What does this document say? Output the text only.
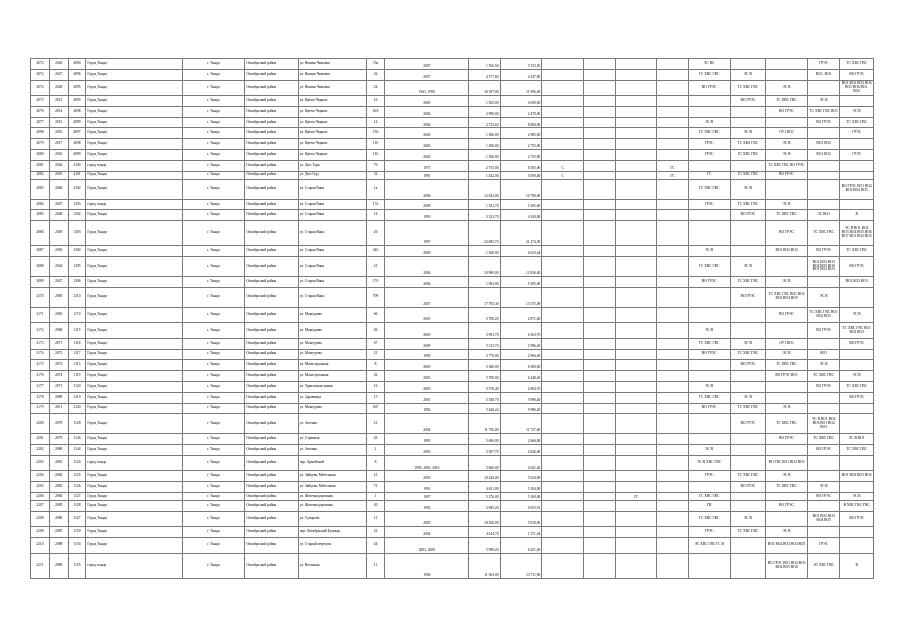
2072	2026	4094	Город Тында	г. Тында	Октябрьский район	ул. Яшина-Чиновая	15а	2007	1 556,50	3 723,50					ЭС ВС			ГРЭС	ТС ХВС ГВС
2072	2027	4096	Город Тында	г. Тында	Октябрьский район	ул. Яшина-Чиновая	22	2007	4 577,60	4 447,00					ГС ХВС ГВС	ЭС В		ВО1, ВО2	ВО ГРЭС
2074	2028	4095	Город Тында	г. Тында	Октябрьский район	ул. Яшина-Чиновая	24	1961, 1990	16 397,00	11 996,40					ВО ГРЭС	ТС ХВС ГВС	ЭС В		ВО1 ВО2 ВО3 ВО4 ВО5 ВО6 ВО1, ВО2
2075	2013	4095	Город Тында	г. Тында	Октябрьский район	ул. Цветы Черные	16	2005	1 505,00	4 050,00						ВО ГРЭС	ТС ХВС ГВС	ЭС В	
2076	2014	4096	Город Тында	г. Тында	Октябрьский район	ул. Цветы Черные	16А	2004	2 990,00	2 470,00							ВО ГРЭС	ТС ХВС ГВС ВО1	ЭС В
2077	2015	4099	Город Тында	г. Тында	Октябрьский район	ул. Цветы Черные	14	2004	2 723,60	8 084,00					ЭС В			ВО ГРЭС	ТС ХВС ГВС
2098	2016	4097	Город Тында	г. Тында	Октябрьский район	ул. Цветы Черные	15б	2040	1 306,00	2 985,00					ГС ХВС ГВС	ЭС В	ОУ1 ВО1		ГРЭС
2079	2017	4098	Город Тында	г. Тында	Октябрьский район	ул. Цветы Черные	11б	2040	1 306,00	2 755,00					ГРЭС	ТС ХВА ГВС	ЭС В	ВО1 ВО2	
2080	2043	4099	Город Тында	г. Тында	Октябрьский район	ул. Цветы Черные	11б	2040	1 306,00	2 755,00					ГРЭС	ГС ХВС ГВС	ЭС В	ВО1 ВО2	ГРЭС
2081	2044	4100	город тында	г. Тында	Октябрьский район	ул. Дюз Тура	76	1975	2 755,00	6 505,00	С			ГС			ТС ХВС ГВС ВО ГРЭС		
2082	2045	4101	Город Тында	г. Тында	Октябрьский район	ул. Дюз Одд	32	1991	1 442,00	5 000,40	С			ГС	ГС	ГС ХВС ГВС	ВО ГРЭС		
2083	2046	4102	Город Тында	г. Тында	Октябрьский район	ул. Старая Ваня	1а	2006	12 632,00	10 790,00					ГС ХВС ГВС	ЭС В			ВО ГРЭС ВО1 ВО2 ВО3 ВО4 ВО5
2084	2047	1303	город тында	г. Тында	Октябрьский район	ул. Старая Ваня	17к	2008	1 352,70	1 605,60					ГРЭС	ТС ХВС ГВС	ЭС В		
2085	2048	1302	Город Тында	г. Тында	Октябрьский район	ул. Старая Ваня	14	1993	3 323,70	4 420,00						ВО ГРЭС	ТС ХВС ГВС	ЭС ВО1	В
2086	2049	1303	Город Тында	г. Тында	Октябрьский район	ул. Старая Ваня	26	1997	23 695,70	21 274,30							ВО ГРЭС	ТС ХВС ГВС	ЭС В ВО1 ВО2 ВО3 ВО4 ВО5 ВО6 ВО7 ВО1 ВО2 ВО3
2087	2050	1304	Город Тында	г. Тында	Октябрьский район	ул. Старая Ваня	34б	2009	1 568,00	6 023,44					ЭС В		ВО1 ВО2 ВО3	ВО ГРЭС	ТС ХВС ГВС
2088	2044	1305	Город Тында	г. Тында	Октябрьский район	ул. Старая Ваня	21	2004	10 900,00	12 836,40					ГС ХВС ГВС	ЭС В		ВО1 ВО2 ВО3 ВО4 ВО5 ВО6 ВО1 ВО2 ВО3	ВО ГРЭС
2089	2047	1306	Город Тында	г. Тында	Октябрьский район	ул. Старая Ваня	17б	2004	1 563,00	5 305,00					ВО ГРЭС	ТС ХВС ГВС	ЭС В		ВО1 ВО2 ВО3
2170	2085	2110	Город Тында	г. Тында	Октябрьский район	ул. Старая Ваня	709	2007	17 705,40	13 575,09						ВО ГРЭС	ТС ХВС ГВС ВО1 ВО2 ВО3 ВО4 ВО5	ЭС В	
2171	2065	1174	Город Тында	г. Тында	Октябрьский район	ул. Мангурова	66	2001	5 708,20	2 871,40							ВО ГРЭС	ТС ХВС ГВС ВО1 ВО2 ВО3	ЭС В
2172	2068	1115	Город Тында	г. Тында	Октябрьский район	ул. Мангурова	46	2003	3 991,70	6 563,70					ЭС В			ВО ГРЭС	ТС ХВС ГВС ВО1 ВО2 ВО3
2173	2071	1116	Город Тында	г. Тында	Октябрьский район	ул. Мангурова	67	2009	5 313,70	2 996,40					ГС ХВС ГВС	ЭС В	ОУ1 ВО1		ВО ГРЭС
2174	2072	1117	Город Тында	г. Тында	Октябрьский район	ул. Мангурова	21	1995	3 770,00	2 966,40					ВО ГРЭС	ТС ХВС ГВС	ЭС В	ВО1	
2175	2073	1115	Город Тында	г. Тында	Октябрьский район	ул. Магистральная	8	2003	5 380,00	6 300,00						ВО ГРЭС	ТС ХВС ГВС	ЭС В	
2176	2074	1119	Город Тында	г. Тында	Октябрьский район	ул. Магистральная	42	2003	5 780,00	6 248,40							ВО ГРЭС ВО1	ТС ХВС ГВС	ЭС В
2177	2071	1120	Город Тында	г. Тында	Октябрьский район	ул. Транзитная линия	16	2003	5 576,40	2 604,70					ЭС В			ВО ГРЭС	ТС ХВС ГВС
2178	2080	2110	Город Тында	г. Тында	Октябрьский район	ул. Здравница	15	2001	5 540,70	5 996,40					ГС ХВС ГВС	ЭС В			ВО ГРЭС
2179	2011	2120	Город Тында	г. Тында	Октябрьский район	ул. Мангурова	16Г	1992	5 446,24	5 996,20					ВО ГРЭС	ТС ХВС ГВС	ЭС В		
2200	2078	1128	Город Тында	г. Тында	Октябрьский район	ул. Зеленая	21	2004	11 756,00	11 727,60						ВО ГРЭС	ТС ХВС ГВС	ЭС В ВО1 ВО2 ВО3 ВО1 ВО2 ВО3	
2201	2079	1144	Город Тында	г. Тында	Октябрьский район	ул. Стренная	26	1995	5 606,00	2 666,00							ВО ГРЭС	ТС ХВС ГВС	ЭС В ВО1
2202	2080	1144	Город Тында	г. Тында	Октябрьский район	ул. Зеленая	2	2003	5 507,70	2 826,00					ЭС В			ВО ГРЭС	ТС ХВС ГВС
2203	2081	1124	город тында	г. Тында	Октябрьский район	пер. Армейский	8	1995, 2003, 2010	5 660,00	4 641,40					ЭС В ХВС ГВС		ВО ГВС ВО1 ВО2 ВО3		
2204	2082	1125	Город Тында	г. Тында	Октябрьский район	ул. Зайцева, Мебельная	21	2005	10 426,00	5 034,00					ГРЭС	ТС ХВС ГВС	ЭС В		ВО1 ВО2 ВО3 ВО4
2205	2083	1126	Город Тында	г. Тында	Октябрьский район	ул. Зайцева, Мебельная	71	1991	4 651,00	5 104,00						ВО ГРЭС	ТС ХВС ГВС	ЭС В	
2206	2084	1127	Город Тында	г. Тында	Октябрьский район	ул. Железнодорожная	1	1997	5 276,00	5 160,00			ГС		ГС ХВС ГВС			ВО ГРЭС	ЭС В
2207	2085	1128	Город Тында	г. Тында	Октябрьский район	ул. Железнодорожная	20	1992	2 695,20	6 053,91					ГВ		ВО ГРЭС		В ХВС ГВС ГВС
2208	2086	1127	Город Тында	г. Тында	Октябрьский район	ул. Суворова	11	2005	10 100,00	5 910,00					ГС ХВС ГВС	ЭС В		ВО1 ВО2 ВО3 ВО4 ВО5	ВО ГРЭС
2209	2087	1150	Город Тында	г. Тында	Октябрьский район	пер. Октябрьский Бульвар	22	2004	4 614,70	1 371,44					ГРЭС	ТС ХВС ГВС	ЭС В		
2210	2088	1154	Город Тында	г. Тында	Октябрьский район	ул. Старый переулок	44	2003, 2009	5 999,20	6 451,40					ЭС ХВС ГВС ГС В		ВО1 ВО2 ВО3 ВО4 ВО5	ГРЭС	
2211	2089	1155	город тында	г. Тында	Октябрьский район	ул. Весенняя	11	1994	11 563,00	13 711,90							ВО ГРЭС ВО1 ВО2 ВО3 ВО4 ВО5 ВО6	ЭС ХВС ГВС	В
